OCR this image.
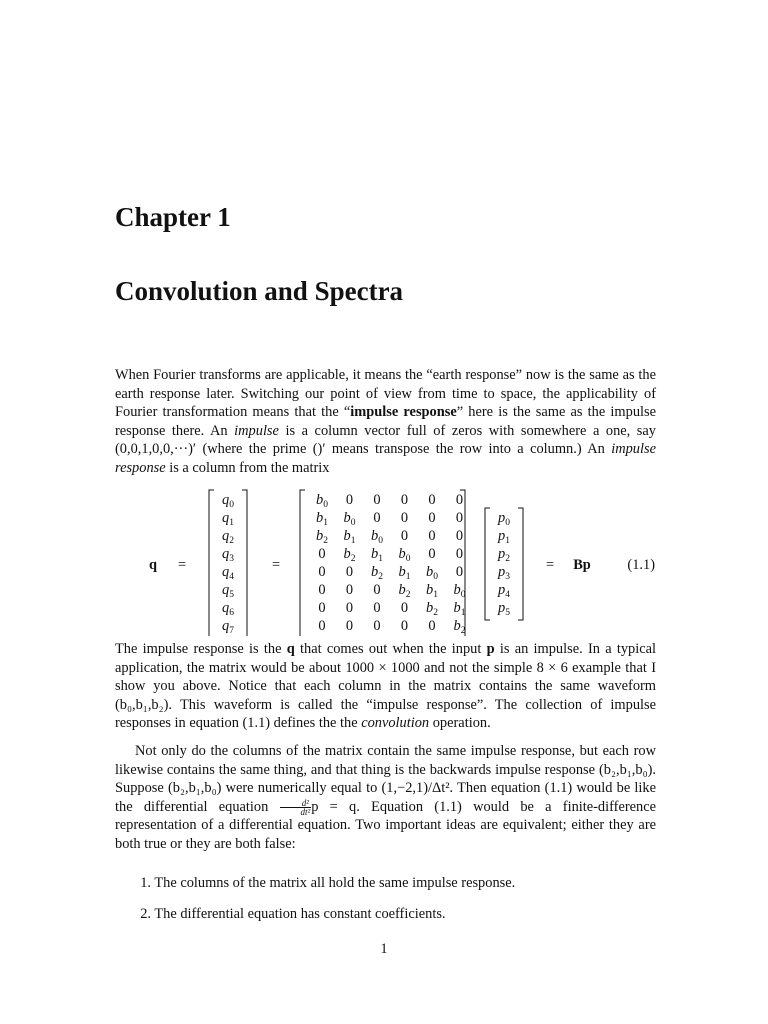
Chapter 1
Convolution and Spectra

When Fourier transforms are applicable, it means the “earth response” now is the same as the earth response later. Switching our point of view from time to space, the applicability of Fourier transformation means that the “impulse response” here is the same as the impulse response there. An impulse is a column vector full of zeros with somewhere a one, say (0,0,1,0,0,···)′ (where the prime ()′ means transpose the row into a column.) An impulse response is a column from the matrix

q =
$q_0$
$q_1$
$q_2$
$q_3$
$q_4$
$q_5$
$q_6$
$q_7$
=
$b_0$ 0 0 0 0 0
$b_1$ $b_0$ 0 0 0 0
$b_2$ $b_1$ $b_0$ 0 0 0
0 $b_2$ $b_1$ $b_0$ 0 0
0 0 $b_2$ $b_1$ $b_0$ 0
0 0 0 $b_2$ $b_1$ $b_0$
0 0 0 0 $b_2$ $b_1$
0 0 0 0 0 $b_2$
$p_0$
$p_1$
$p_2$
$p_3$
$p_4$
$p_5$
= Bp	(1.1)

The impulse response is the q that comes out when the input p is an impulse. In a typical application, the matrix would be about 1000 × 1000 and not the simple 8 × 6 example that I show you above. Notice that each column in the matrix contains the same waveform (b₀,b₁,b₂). This waveform is called the “impulse response”. The collection of impulse responses in equation (1.1) defines the the convolution operation.

Not only do the columns of the matrix contain the same impulse response, but each row likewise contains the same thing, and that thing is the backwards impulse response (b₂,b₁,b₀). Suppose (b₂,b₁,b₀) were numerically equal to (1,−2,1)/Δt². Then equation (1.1) would be like the differential equation $\frac{\text{d²}}{\text{dt²}}$ p = q. Equation (1.1) would be a finite-difference representation of a differential equation. Two important ideas are equivalent; either they are both true or they are both false:

1. The columns of the matrix all hold the same impulse response.
2. The differential equation has constant coefficients.
1
